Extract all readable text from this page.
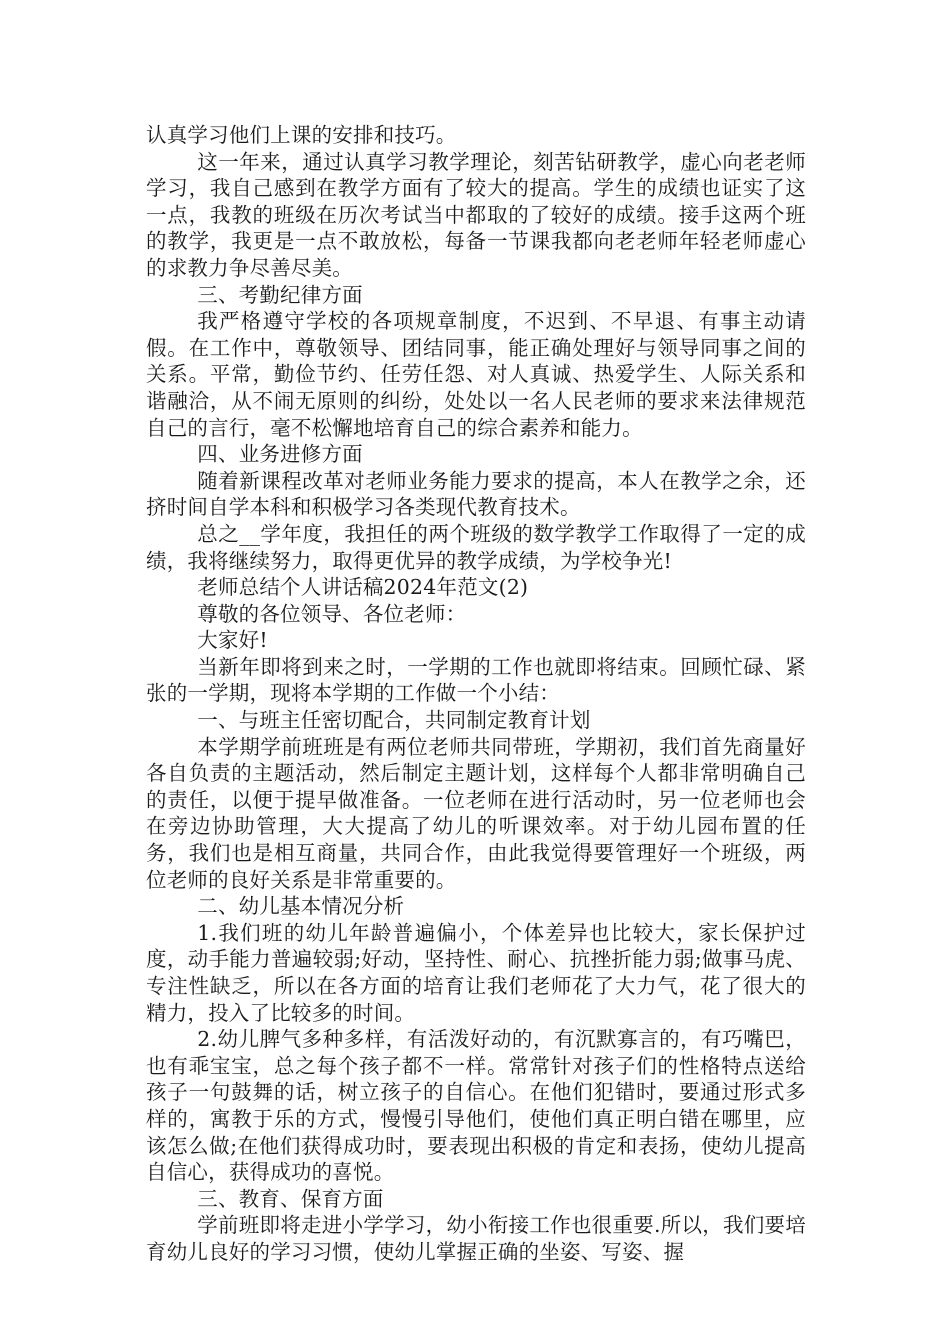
认真学习他们上课的安排和技巧。

这一年来，通过认真学习教学理论，刻苦钻研教学，虚心向老老师学习，我自己感到在教学方面有了较大的提高。学生的成绩也证实了这一点，我教的班级在历次考试当中都取的了较好的成绩。接手这两个班的教学，我更是一点不敢放松，每备一节课我都向老老师年轻老师虚心的求教力争尽善尽美。

三、考勤纪律方面

我严格遵守学校的各项规章制度，不迟到、不早退、有事主动请假。在工作中，尊敬领导、团结同事，能正确处理好与领导同事之间的关系。平常，勤俭节约、任劳任怨、对人真诚、热爱学生、人际关系和谐融洽，从不闹无原则的纠纷，处处以一名人民老师的要求来法律规范自己的言行，毫不松懈地培育自己的综合素养和能力。

四、业务进修方面

随着新课程改革对老师业务能力要求的提高，本人在教学之余，还挤时间自学本科和积极学习各类现代教育技术。

总之__学年度，我担任的两个班级的数学教学工作取得了一定的成绩，我将继续努力，取得更优异的教学成绩，为学校争光!

老师总结个人讲话稿2024年范文(2)

尊敬的各位领导、各位老师：

大家好!

当新年即将到来之时，一学期的工作也就即将结束。回顾忙碌、紧张的一学期，现将本学期的工作做一个小结：

一、与班主任密切配合，共同制定教育计划

本学期学前班班是有两位老师共同带班，学期初，我们首先商量好各自负责的主题活动，然后制定主题计划，这样每个人都非常明确自己的责任，以便于提早做准备。一位老师在进行活动时，另一位老师也会在旁边协助管理，大大提高了幼儿的听课效率。对于幼儿园布置的任务，我们也是相互商量，共同合作，由此我觉得要管理好一个班级，两位老师的良好关系是非常重要的。

二、幼儿基本情况分析

1.我们班的幼儿年龄普遍偏小，个体差异也比较大，家长保护过度，动手能力普遍较弱;好动，坚持性、耐心、抗挫折能力弱;做事马虎、专注性缺乏，所以在各方面的培育让我们老师花了大力气，花了很大的精力，投入了比较多的时间。

2.幼儿脾气多种多样，有活泼好动的，有沉默寡言的，有巧嘴巴，也有乖宝宝，总之每个孩子都不一样。常常针对孩子们的性格特点送给孩子一句鼓舞的话，树立孩子的自信心。在他们犯错时，要通过形式多样的，寓教于乐的方式，慢慢引导他们，使他们真正明白错在哪里，应该怎么做;在他们获得成功时，要表现出积极的肯定和表扬，使幼儿提高自信心，获得成功的喜悦。

三、教育、保育方面

学前班即将走进小学学习，幼小衔接工作也很重要.所以，我们要培育幼儿良好的学习习惯，使幼儿掌握正确的坐姿、写姿、握
